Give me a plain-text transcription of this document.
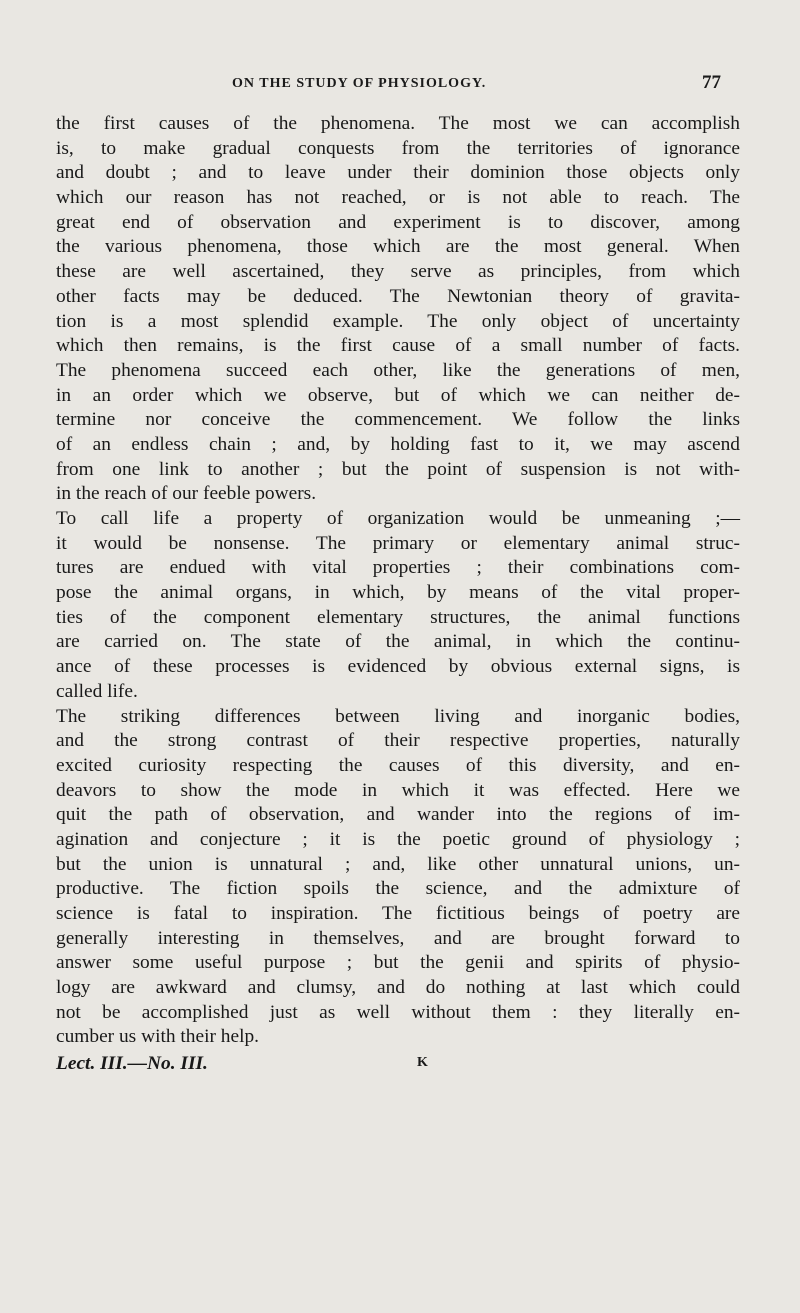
ON THE STUDY OF PHYSIOLOGY.	77
the first causes of the phenomena. The most we can accomplish
is, to make gradual conquests from the territories of ignorance
and doubt ; and to leave under their dominion those objects only
which our reason has not reached, or is not able to reach. The
great end of observation and experiment is to discover, among
the various phenomena, those which are the most general. When
these are well ascertained, they serve as principles, from which
other facts may be deduced. The Newtonian theory of gravita-
tion is a most splendid example. The only object of uncertainty
which then remains, is the first cause of a small number of facts.
The phenomena succeed each other, like the generations of men,
in an order which we observe, but of which we can neither de-
termine nor conceive the commencement. We follow the links
of an endless chain ; and, by holding fast to it, we may ascend
from one link to another ; but the point of suspension is not with-
in the reach of our feeble powers.
To call life a property of organization would be unmeaning ;—
it would be nonsense. The primary or elementary animal struc-
tures are endued with vital properties ; their combinations com-
pose the animal organs, in which, by means of the vital proper-
ties of the component elementary structures, the animal functions
are carried on. The state of the animal, in which the continu-
ance of these processes is evidenced by obvious external signs, is
called life.
The striking differences between living and inorganic bodies,
and the strong contrast of their respective properties, naturally
excited curiosity respecting the causes of this diversity, and en-
deavors to show the mode in which it was effected. Here we
quit the path of observation, and wander into the regions of im-
agination and conjecture ; it is the poetic ground of physiology ;
but the union is unnatural ; and, like other unnatural unions, un-
productive. The fiction spoils the science, and the admixture of
science is fatal to inspiration. The fictitious beings of poetry are
generally interesting in themselves, and are brought forward to
answer some useful purpose ; but the genii and spirits of physio-
logy are awkward and clumsy, and do nothing at last which could
not be accomplished just as well without them : they literally en-
cumber us with their help.
Lect. III.—No. III.	K
